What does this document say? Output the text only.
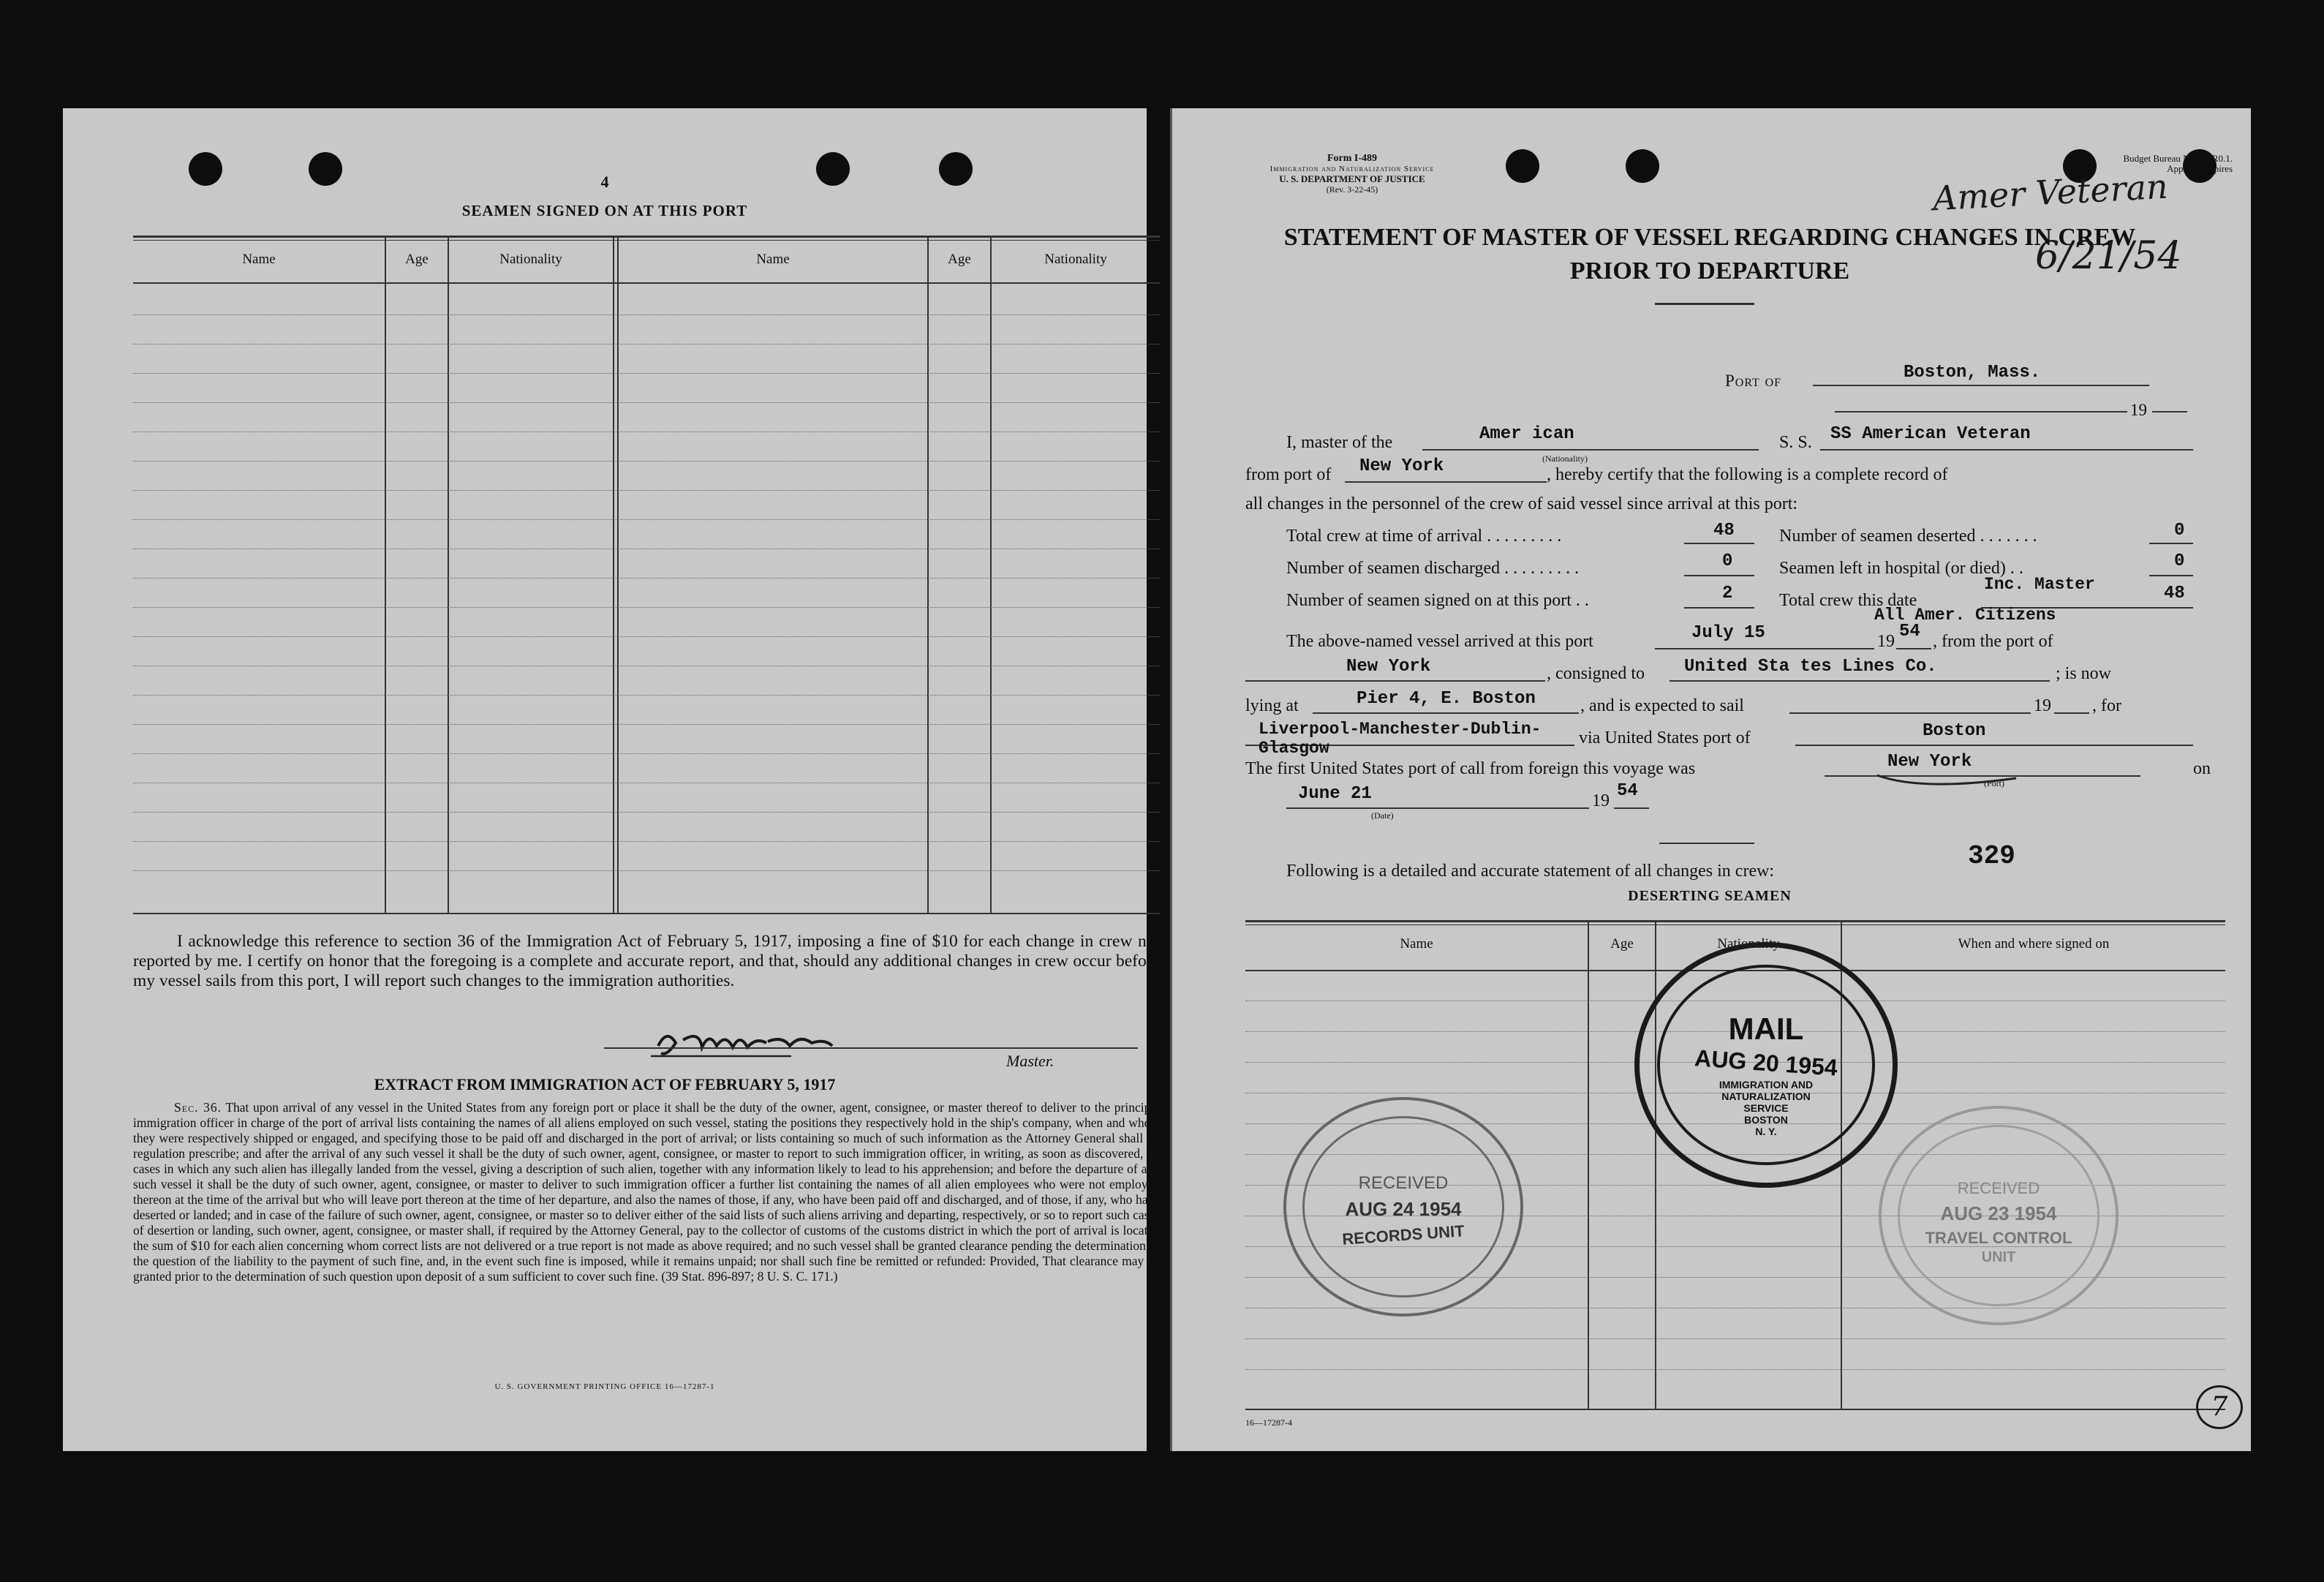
4
SEAMEN SIGNED ON AT THIS PORT
Name	Age	Nationality	Name	Age	Nationality
I acknowledge this reference to section 36 of the Immigration Act of February 5, 1917, imposing a fine of $10 for each change in crew not reported by me. I certify on honor that the foregoing is a complete and accurate report, and that, should any additional changes in crew occur before my vessel sails from this port, I will report such changes to the immigration authorities.
Master.
EXTRACT FROM IMMIGRATION ACT OF FEBRUARY 5, 1917
Sec. 36. That upon arrival of any vessel in the United States from any foreign port or place it shall be the duty of the owner, agent, consignee, or master thereof to deliver to the principal immigration officer in charge of the port of arrival lists containing the names of all aliens employed on such vessel, stating the positions they respectively hold in the ship's company, when and where they were respectively shipped or engaged, and specifying those to be paid off and discharged in the port of arrival; or lists containing so much of such information as the Attorney General shall by regulation prescribe; and after the arrival of any such vessel it shall be the duty of such owner, agent, consignee, or master to report to such immigration officer, in writing, as soon as discovered, all cases in which any such alien has illegally landed from the vessel, giving a description of such alien, together with any information likely to lead to his apprehension; and before the departure of any such vessel it shall be the duty of such owner, agent, consignee, or master to deliver to such immigration officer a further list containing the names of all alien employees who were not employed thereon at the time of the arrival but who will leave port thereon at the time of her departure, and also the names of those, if any, who have been paid off and discharged, and of those, if any, who have deserted or landed; and in case of the failure of such owner, agent, consignee, or master so to deliver either of the said lists of such aliens arriving and departing, respectively, or so to report such cases of desertion or landing, such owner, agent, consignee, or master shall, if required by the Attorney General, pay to the collector of customs of the customs district in which the port of arrival is located the sum of $10 for each alien concerning whom correct lists are not delivered or a true report is not made as above required; and no such vessel shall be granted clearance pending the determination of the question of the liability to the payment of such fine, and, in the event such fine is imposed, while it remains unpaid; nor shall such fine be remitted or refunded: Provided, That clearance may be granted prior to the determination of such question upon deposit of a sum sufficient to cover such fine. (39 Stat. 896-897; 8 U. S. C. 171.)
U. S. GOVERNMENT PRINTING OFFICE 16—17287-1
Form I-489
Immigration and Naturalization Service
U. S. DEPARTMENT OF JUSTICE
(Rev. 3-22-45)
Budget Bureau No. 43-R0.1.
Approval expires
Amer Veteran
6/21/54
STATEMENT OF MASTER OF VESSEL REGARDING CHANGES IN CREW
PRIOR TO DEPARTURE
Port of	Boston, Mass.
19
I, master of the	Amer ican
(Nationality)
S. S. SS American Veteran
from port of New York	, hereby certify that the following is a complete record of
all changes in the personnel of the crew of said vessel since arrival at this port:
Total crew at time of arrival . . . . . . . . .	48
Number of seamen discharged . . . . . . . . .	0
Number of seamen signed on at this port . .	2
Number of seamen deserted . . . . . . .	0
Seamen left in hospital (or died) . .	0
Total crew this date
Inc. Master	48
All Amer. Citizens
The above-named vessel arrived at this port	July 15	19 54 , from the port of
New York	, consigned to United Sta tes Lines Co.	; is now
lying at	Pier 4, E. Boston	, and is expected to sail	19 , for
Liverpool-Manchester-Dublin-
Glasgow
via United States port of	Boston
The first United States port of call from foreign this voyage was	New York
(Port)
on
June 21
(Date)
19 54
329
Following is a detailed and accurate statement of all changes in crew:
DESERTING SEAMEN
Name	Age	Nationality	When and where signed on
MAIL
AUG 20 1954
IMMIGRATION AND
NATURALIZATION
SERVICE
BOSTON
N. Y.
RECEIVED
AUG 24 1954
RECORDS UNIT
RECEIVED
AUG 23 1954
TRAVEL CONTROL
UNIT
16—17287-4
7
